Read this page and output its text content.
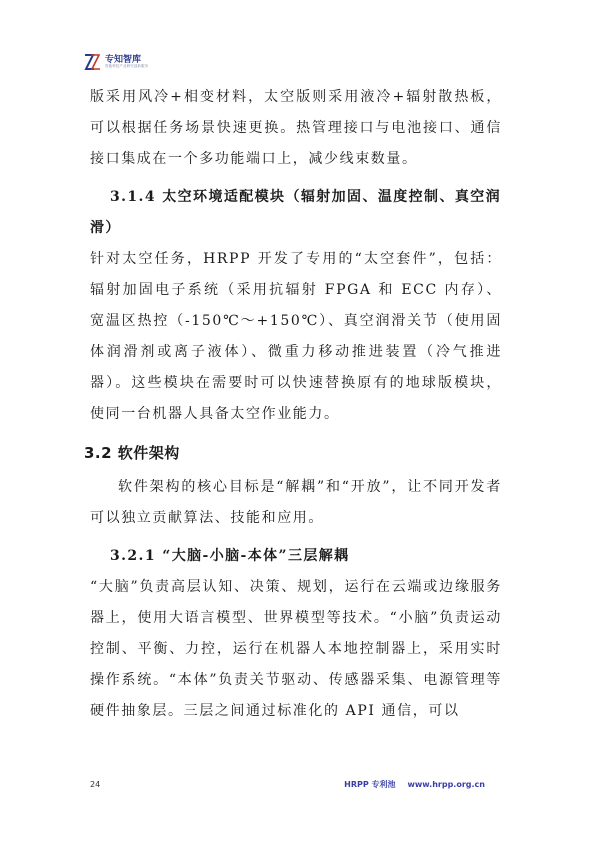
专知智库
智能科技产业研究创新服务

版采用风冷+相变材料，太空版则采用液冷+辐射散热板，可以根据任务场景快速更换。热管理接口与电池接口、通信接口集成在一个多功能端口上，减少线束数量。

3.1.4 太空环境适配模块（辐射加固、温度控制、真空润滑）

针对太空任务，HRPP 开发了专用的“太空套件”，包括：辐射加固电子系统（采用抗辐射 FPGA 和 ECC 内存）、宽温区热控（-150℃～+150℃）、真空润滑关节（使用固体润滑剂或离子液体）、微重力移动推进装置（冷气推进器）。这些模块在需要时可以快速替换原有的地球版模块，使同一台机器人具备太空作业能力。

3.2 软件架构

软件架构的核心目标是“解耦”和“开放”，让不同开发者可以独立贡献算法、技能和应用。

3.2.1 “大脑-小脑-本体”三层解耦

“大脑”负责高层认知、决策、规划，运行在云端或边缘服务器上，使用大语言模型、世界模型等技术。“小脑”负责运动控制、平衡、力控，运行在机器人本地控制器上，采用实时操作系统。“本体”负责关节驱动、传感器采集、电源管理等硬件抽象层。三层之间通过标准化的 API 通信，可以

24	HRPP 专利池 www.hrpp.org.cn
